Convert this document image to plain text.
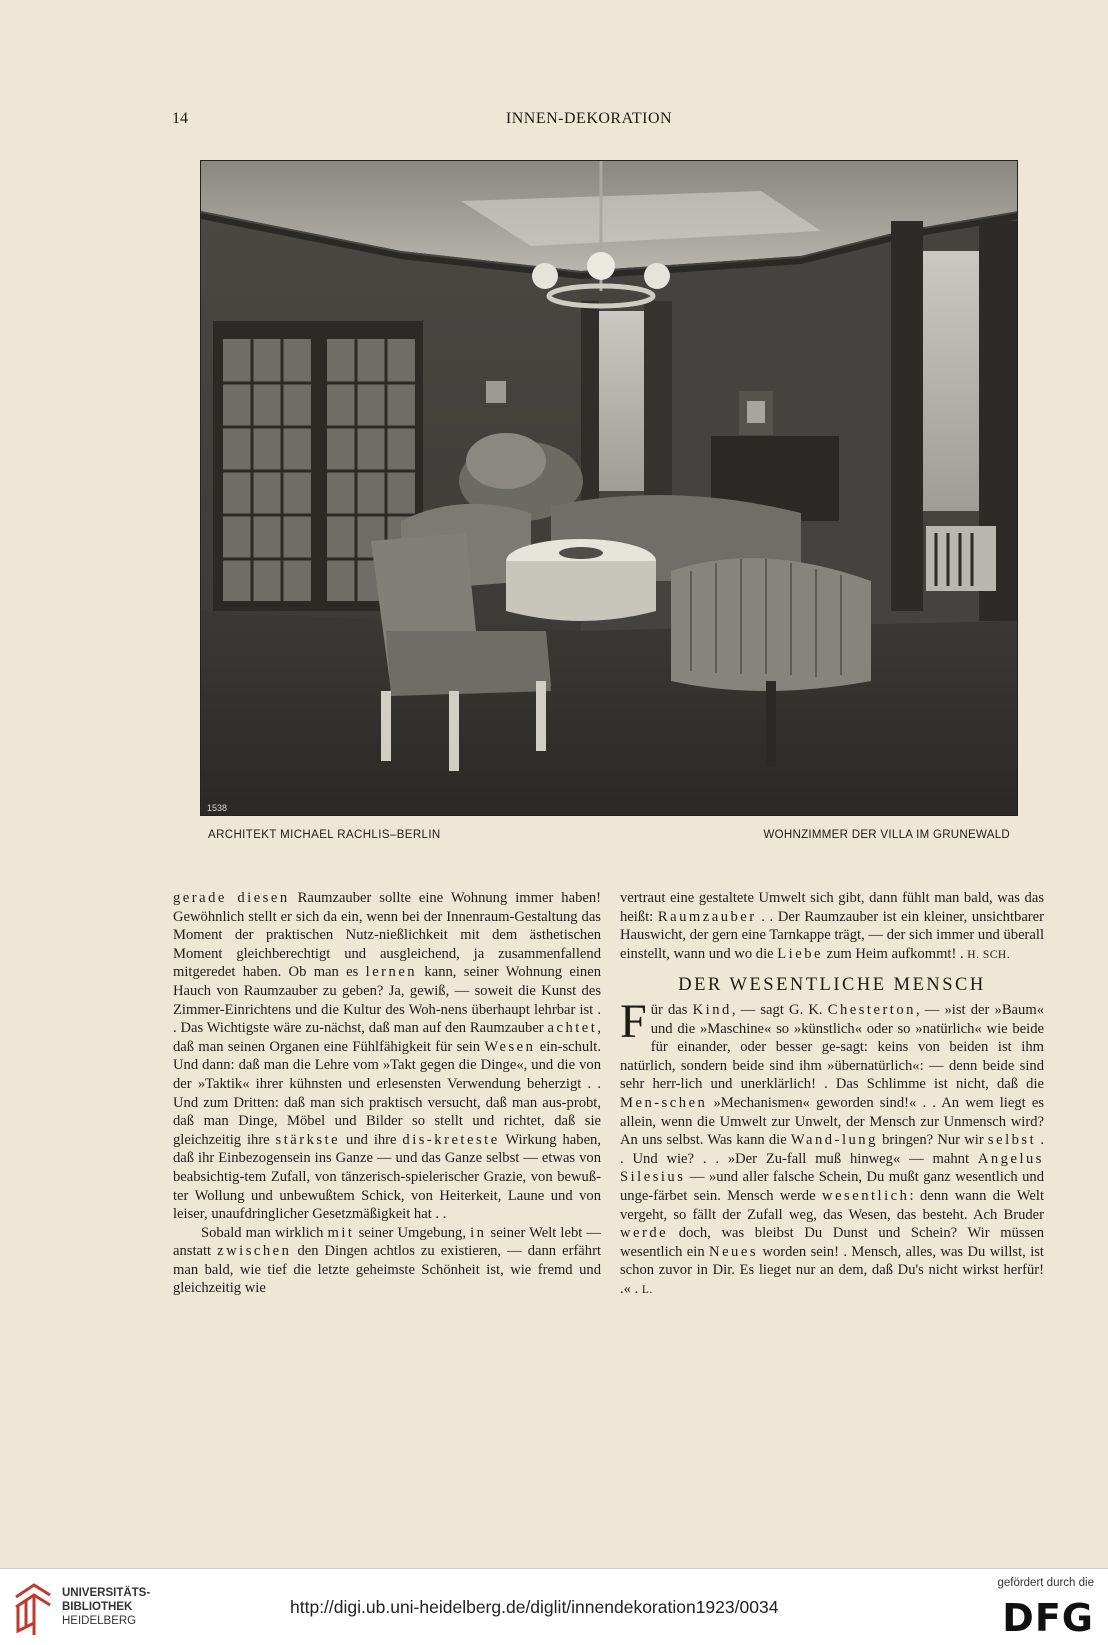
14	INNEN-DEKORATION
1538
ARCHITEKT MICHAEL RACHLIS–BERLIN	WOHNZIMMER DER VILLA IM GRUNEWALD

gerade diesen Raumzauber sollte eine Wohnung immer haben! Gewöhnlich stellt er sich da ein, wenn bei der Innenraum-Gestaltung das Moment der praktischen Nutz-nießlichkeit mit dem ästhetischen Moment gleichberechtigt und ausgleichend, ja zusammenfallend mitgeredet haben. Ob man es lernen kann, seiner Wohnung einen Hauch von Raumzauber zu geben? Ja, gewiß, — soweit die Kunst des Zimmer-Einrichtens und die Kultur des Woh-nens überhaupt lehrbar ist . . Das Wichtigste wäre zu-nächst, daß man auf den Raumzauber achtet, daß man seinen Organen eine Fühlfähigkeit für sein Wesen ein-schult. Und dann: daß man die Lehre vom »Takt gegen die Dinge«, und die von der »Taktik« ihrer kühnsten und erlesensten Verwendung beherzigt . . Und zum Dritten: daß man sich praktisch versucht, daß man aus-probt, daß man Dinge, Möbel und Bilder so stellt und richtet, daß sie gleichzeitig ihre stärkste und ihre dis-kreteste Wirkung haben, daß ihr Einbezogensein ins Ganze — und das Ganze selbst — etwas von beabsichtig-tem Zufall, von tänzerisch-spielerischer Grazie, von bewuß-ter Wollung und unbewußtem Schick, von Heiterkeit, Laune und von leiser, unaufdringlicher Gesetzmäßigkeit hat . .

Sobald man wirklich mit seiner Umgebung, in seiner Welt lebt — anstatt zwischen den Dingen achtlos zu existieren, — dann erfährt man bald, wie tief die letzte geheimste Schönheit ist, wie fremd und gleichzeitig wie

vertraut eine gestaltete Umwelt sich gibt, dann fühlt man bald, was das heißt: Raumzauber . . Der Raumzauber ist ein kleiner, unsichtbarer Hauswicht, der gern eine Tarnkappe trägt, — der sich immer und überall einstellt, wann und wo die Liebe zum Heim aufkommt! . H. SCH.

DER WESENTLICHE MENSCH

Für das Kind, — sagt G. K. Chesterton, — »ist der »Baum« und die »Maschine« so »künstlich« oder so »natürlich« wie beide für einander, oder besser ge-sagt: keins von beiden ist ihm natürlich, sondern beide sind ihm »übernatürlich«: — denn beide sind sehr herr-lich und unerklärlich! . Das Schlimme ist nicht, daß die Men-schen »Mechanismen« geworden sind!« . . An wem liegt es allein, wenn die Umwelt zur Unwelt, der Mensch zur Unmensch wird? An uns selbst. Was kann die Wand-lung bringen? Nur wir selbst . . Und wie? . . »Der Zu-fall muß hinweg« — mahnt Angelus Silesius — »und aller falsche Schein, Du mußt ganz wesentlich und unge-färbet sein. Mensch werde wesentlich: denn wann die Welt vergeht, so fällt der Zufall weg, das Wesen, das besteht. Ach Bruder werde doch, was bleibst Du Dunst und Schein? Wir müssen wesentlich ein Neues worden sein! . Mensch, alles, was Du willst, ist schon zuvor in Dir. Es lieget nur an dem, daß Du's nicht wirkst herfür! .« . L.

UNIVERSITÄTS-
BIBLIOTHEK
HEIDELBERG
http://digi.ub.uni-heidelberg.de/diglit/innendekoration1923/0034
gefördert durch die
DFG
